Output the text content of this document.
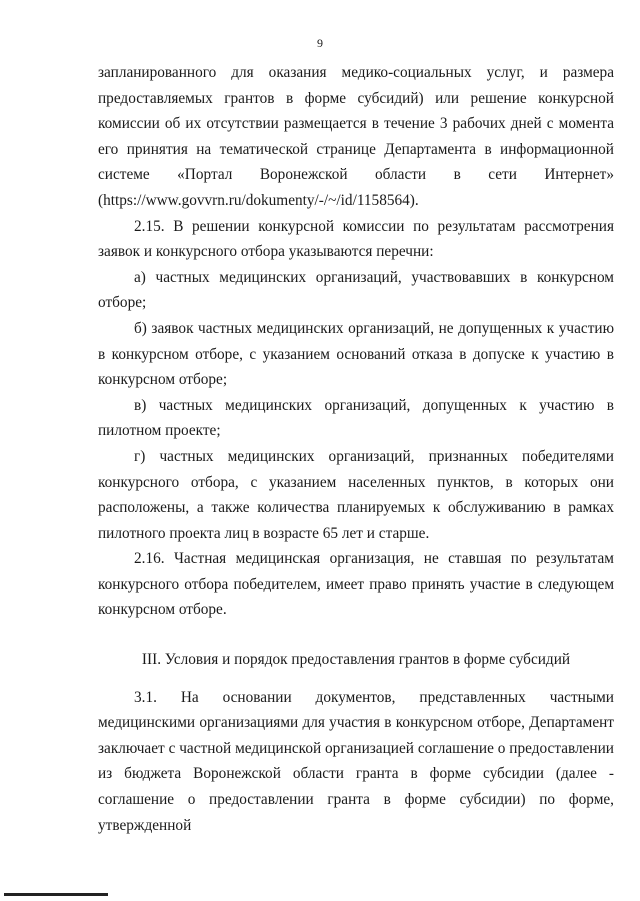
9

запланированного для оказания медико-социальных услуг, и размера предоставляемых грантов в форме субсидий) или решение конкурсной комиссии об их отсутствии размещается в течение 3 рабочих дней с момента его принятия на тематической странице Департамента в информационной системе «Портал Воронежской области в сети Интернет» (https://www.govvrn.ru/dokumenty/-/~/id/1158564).

2.15. В решении конкурсной комиссии по результатам рассмотрения заявок и конкурсного отбора указываются перечни:

а) частных медицинских организаций, участвовавших в конкурсном отборе;

б) заявок частных медицинских организаций, не допущенных к участию в конкурсном отборе, с указанием оснований отказа в допуске к участию в конкурсном отборе;

в) частных медицинских организаций, допущенных к участию в пилотном проекте;

г) частных медицинских организаций, признанных победителями конкурсного отбора, с указанием населенных пунктов, в которых они расположены, а также количества планируемых к обслуживанию в рамках пилотного проекта лиц в возрасте 65 лет и старше.

2.16. Частная медицинская организация, не ставшая по результатам конкурсного отбора победителем, имеет право принять участие в следующем конкурсном отборе.

III. Условия и порядок предоставления грантов в форме субсидий

3.1. На основании документов, представленных частными медицинскими организациями для участия в конкурсном отборе, Департамент заключает с частной медицинской организацией соглашение о предоставлении из бюджета Воронежской области гранта в форме субсидии (далее - соглашение о предоставлении гранта в форме субсидии) по форме, утвержденной
